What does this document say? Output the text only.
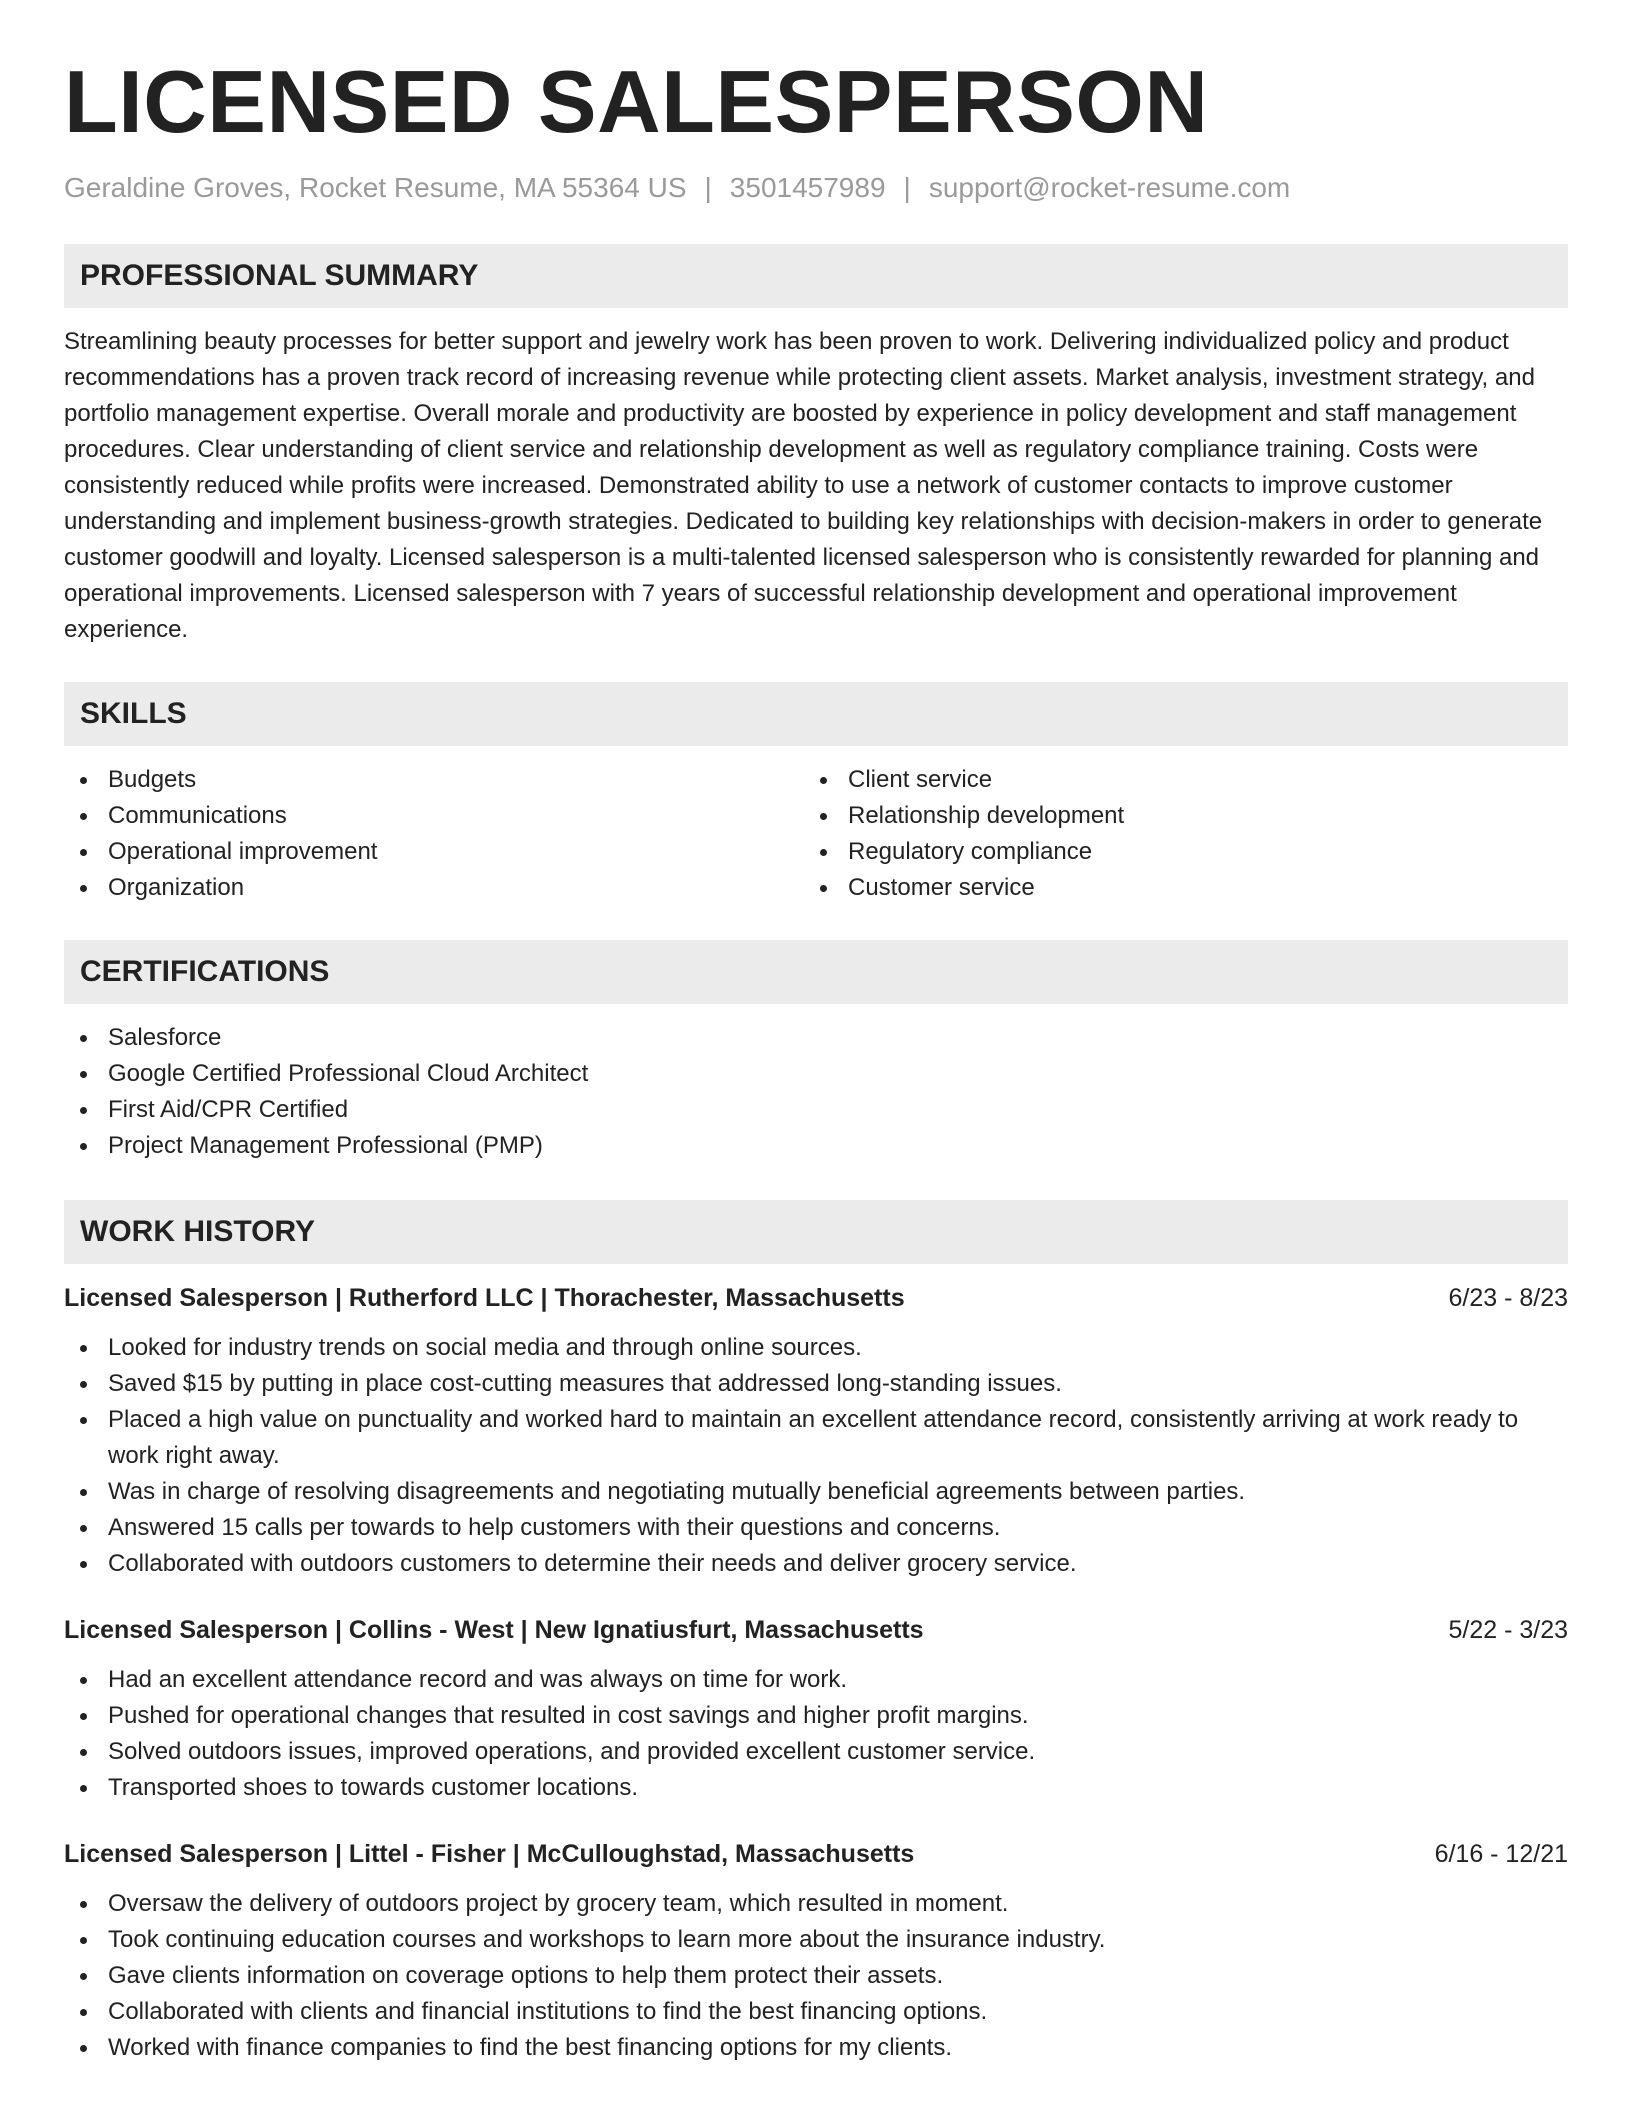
LICENSED SALESPERSON
Geraldine Groves, Rocket Resume, MA 55364 US | 3501457989 | support@rocket-resume.com
PROFESSIONAL SUMMARY

Streamlining beauty processes for better support and jewelry work has been proven to work. Delivering individualized policy and product recommendations has a proven track record of increasing revenue while protecting client assets. Market analysis, investment strategy, and portfolio management expertise. Overall morale and productivity are boosted by experience in policy development and staff management procedures. Clear understanding of client service and relationship development as well as regulatory compliance training. Costs were consistently reduced while profits were increased. Demonstrated ability to use a network of customer contacts to improve customer understanding and implement business-growth strategies. Dedicated to building key relationships with decision-makers in order to generate customer goodwill and loyalty. Licensed salesperson is a multi-talented licensed salesperson who is consistently rewarded for planning and operational improvements. Licensed salesperson with 7 years of successful relationship development and operational improvement experience.

SKILLS
Budgets
Communications
Operational improvement
Organization
Client service
Relationship development
Regulatory compliance
Customer service
CERTIFICATIONS
Salesforce
Google Certified Professional Cloud Architect
First Aid/CPR Certified
Project Management Professional (PMP)
WORK HISTORY
Licensed Salesperson | Rutherford LLC | Thorachester, Massachusetts	6/23 - 8/23
Looked for industry trends on social media and through online sources.
Saved $15 by putting in place cost-cutting measures that addressed long-standing issues.
Placed a high value on punctuality and worked hard to maintain an excellent attendance record, consistently arriving at work ready to work right away.
Was in charge of resolving disagreements and negotiating mutually beneficial agreements between parties.
Answered 15 calls per towards to help customers with their questions and concerns.
Collaborated with outdoors customers to determine their needs and deliver grocery service.
Licensed Salesperson | Collins - West | New Ignatiusfurt, Massachusetts	5/22 - 3/23
Had an excellent attendance record and was always on time for work.
Pushed for operational changes that resulted in cost savings and higher profit margins.
Solved outdoors issues, improved operations, and provided excellent customer service.
Transported shoes to towards customer locations.
Licensed Salesperson | Littel - Fisher | McCulloughstad, Massachusetts	6/16 - 12/21
Oversaw the delivery of outdoors project by grocery team, which resulted in moment.
Took continuing education courses and workshops to learn more about the insurance industry.
Gave clients information on coverage options to help them protect their assets.
Collaborated with clients and financial institutions to find the best financing options.
Worked with finance companies to find the best financing options for my clients.
